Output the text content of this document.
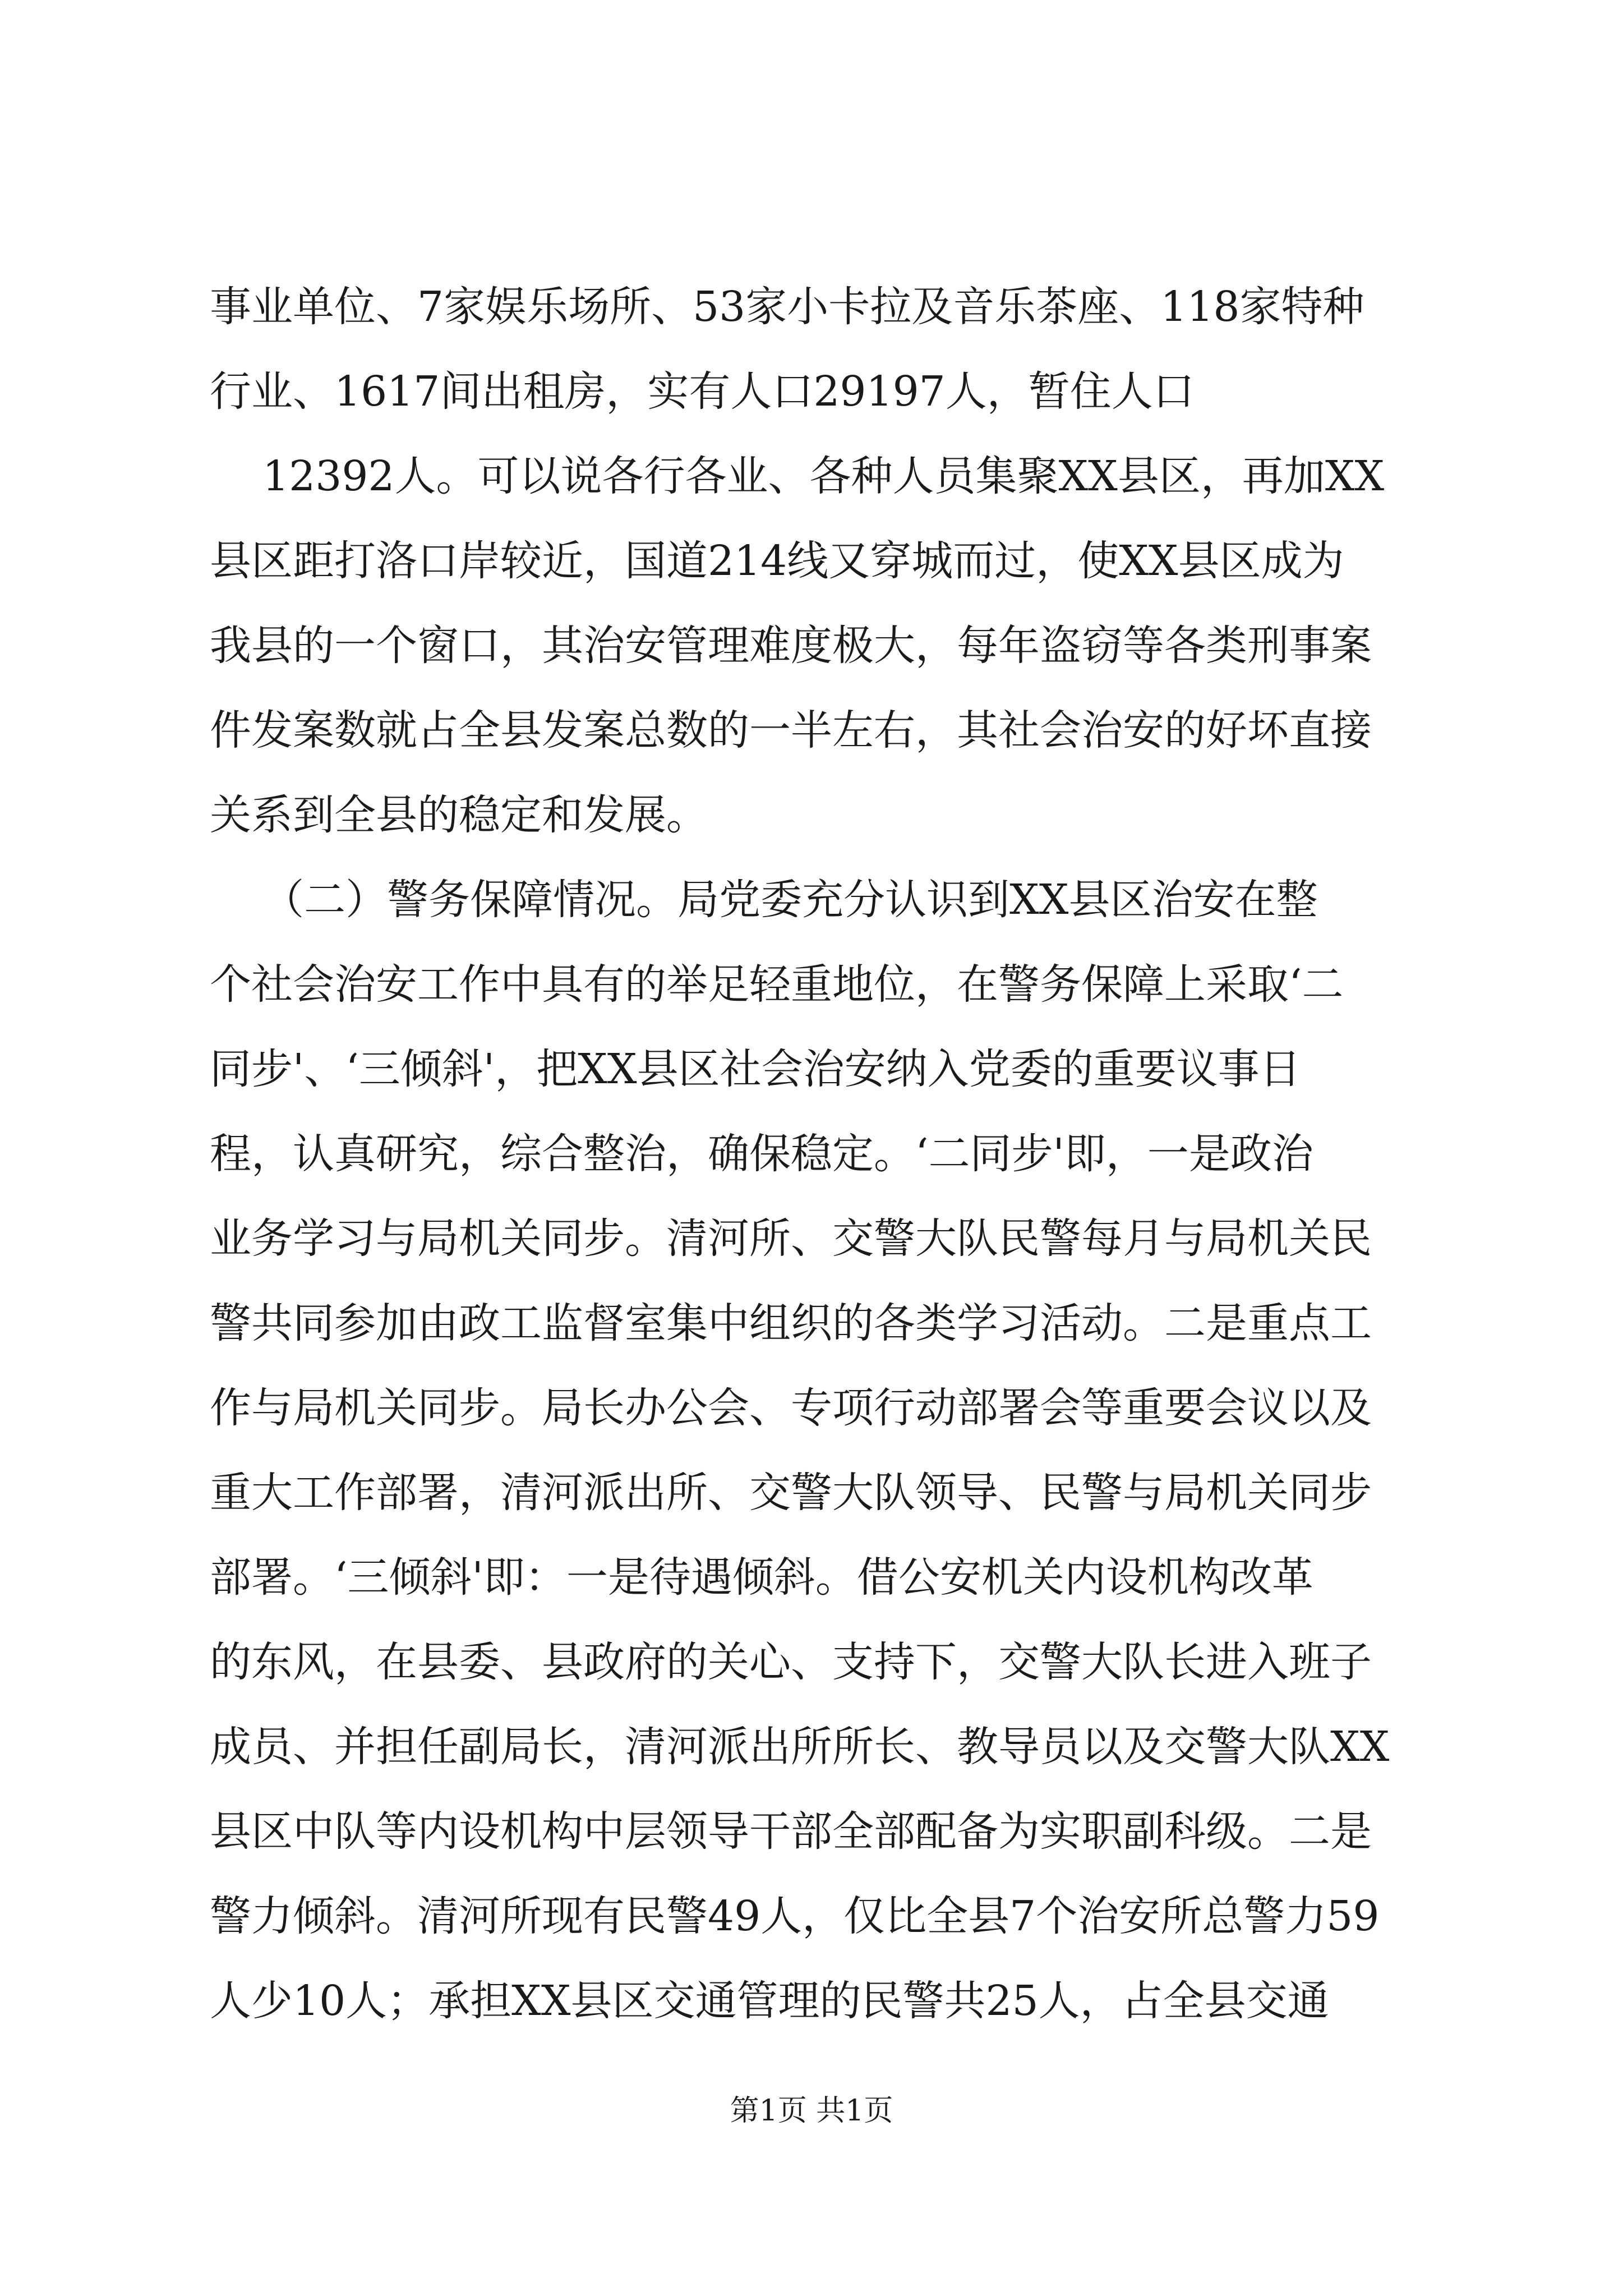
事业单位、7家娱乐场所、53家小卡拉及音乐茶座、118家特种
行业、1617间出租房，实有人口29197人，暂住人口
12392人。可以说各行各业、各种人员集聚XX县区，再加XX
县区距打洛口岸较近，国道214线又穿城而过，使XX县区成为
我县的一个窗口，其治安管理难度极大，每年盗窃等各类刑事案
件发案数就占全县发案总数的一半左右，其社会治安的好坏直接
关系到全县的稳定和发展。
（二）警务保障情况。局党委充分认识到XX县区治安在整
个社会治安工作中具有的举足轻重地位，在警务保障上采取‘二
同步'、‘三倾斜'，把XX县区社会治安纳入党委的重要议事日
程，认真研究，综合整治，确保稳定。‘二同步'即，一是政治
业务学习与局机关同步。清河所、交警大队民警每月与局机关民
警共同参加由政工监督室集中组织的各类学习活动。二是重点工
作与局机关同步。局长办公会、专项行动部署会等重要会议以及
重大工作部署，清河派出所、交警大队领导、民警与局机关同步
部署。‘三倾斜'即：一是待遇倾斜。借公安机关内设机构改革
的东风，在县委、县政府的关心、支持下，交警大队长进入班子
成员、并担任副局长，清河派出所所长、教导员以及交警大队XX
县区中队等内设机构中层领导干部全部配备为实职副科级。二是
警力倾斜。清河所现有民警49人，仅比全县7个治安所总警力59
人少10人；承担XX县区交通管理的民警共25人，占全县交通
第1页 共1页
